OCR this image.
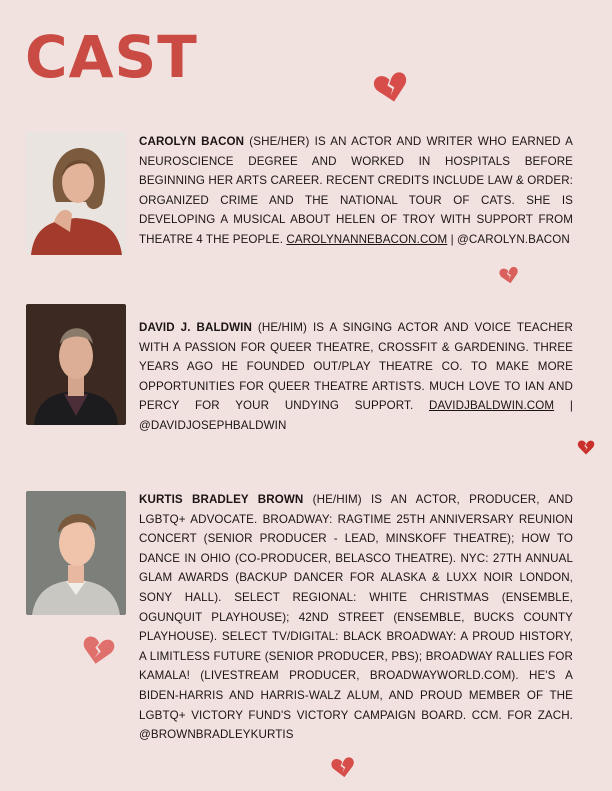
CAST

CAROLYN BACON (SHE/HER) IS AN ACTOR AND WRITER WHO EARNED A NEUROSCIENCE DEGREE AND WORKED IN HOSPITALS BEFORE BEGINNING HER ARTS CAREER. RECENT CREDITS INCLUDE LAW & ORDER: ORGANIZED CRIME AND THE NATIONAL TOUR OF CATS. SHE IS DEVELOPING A MUSICAL ABOUT HELEN OF TROY WITH SUPPORT FROM THEATRE 4 THE PEOPLE. CAROLYNANNEBACON.COM | @CAROLYN.BACON

DAVID J. BALDWIN (HE/HIM) IS A SINGING ACTOR AND VOICE TEACHER WITH A PASSION FOR QUEER THEATRE, CROSSFIT & GARDENING. THREE YEARS AGO HE FOUNDED OUT/PLAY THEATRE CO. TO MAKE MORE OPPORTUNITIES FOR QUEER THEATRE ARTISTS. MUCH LOVE TO IAN AND PERCY FOR YOUR UNDYING SUPPORT. DAVIDJBALDWIN.COM | @DAVIDJOSEPHBALDWIN

KURTIS BRADLEY BROWN (HE/HIM) IS AN ACTOR, PRODUCER, AND LGBTQ+ ADVOCATE. BROADWAY: RAGTIME 25TH ANNIVERSARY REUNION CONCERT (SENIOR PRODUCER - LEAD, MINSKOFF THEATRE); HOW TO DANCE IN OHIO (CO-PRODUCER, BELASCO THEATRE). NYC: 27TH ANNUAL GLAM AWARDS (BACKUP DANCER FOR ALASKA & LUXX NOIR LONDON, SONY HALL). SELECT REGIONAL: WHITE CHRISTMAS (ENSEMBLE, OGUNQUIT PLAYHOUSE); 42ND STREET (ENSEMBLE, BUCKS COUNTY PLAYHOUSE). SELECT TV/DIGITAL: BLACK BROADWAY: A PROUD HISTORY, A LIMITLESS FUTURE (SENIOR PRODUCER, PBS); BROADWAY RALLIES FOR KAMALA! (LIVESTREAM PRODUCER, BROADWAYWORLD.COM). HE'S A BIDEN-HARRIS AND HARRIS-WALZ ALUM, AND PROUD MEMBER OF THE LGBTQ+ VICTORY FUND'S VICTORY CAMPAIGN BOARD. CCM. FOR ZACH. @BROWNBRADLEYKURTIS
